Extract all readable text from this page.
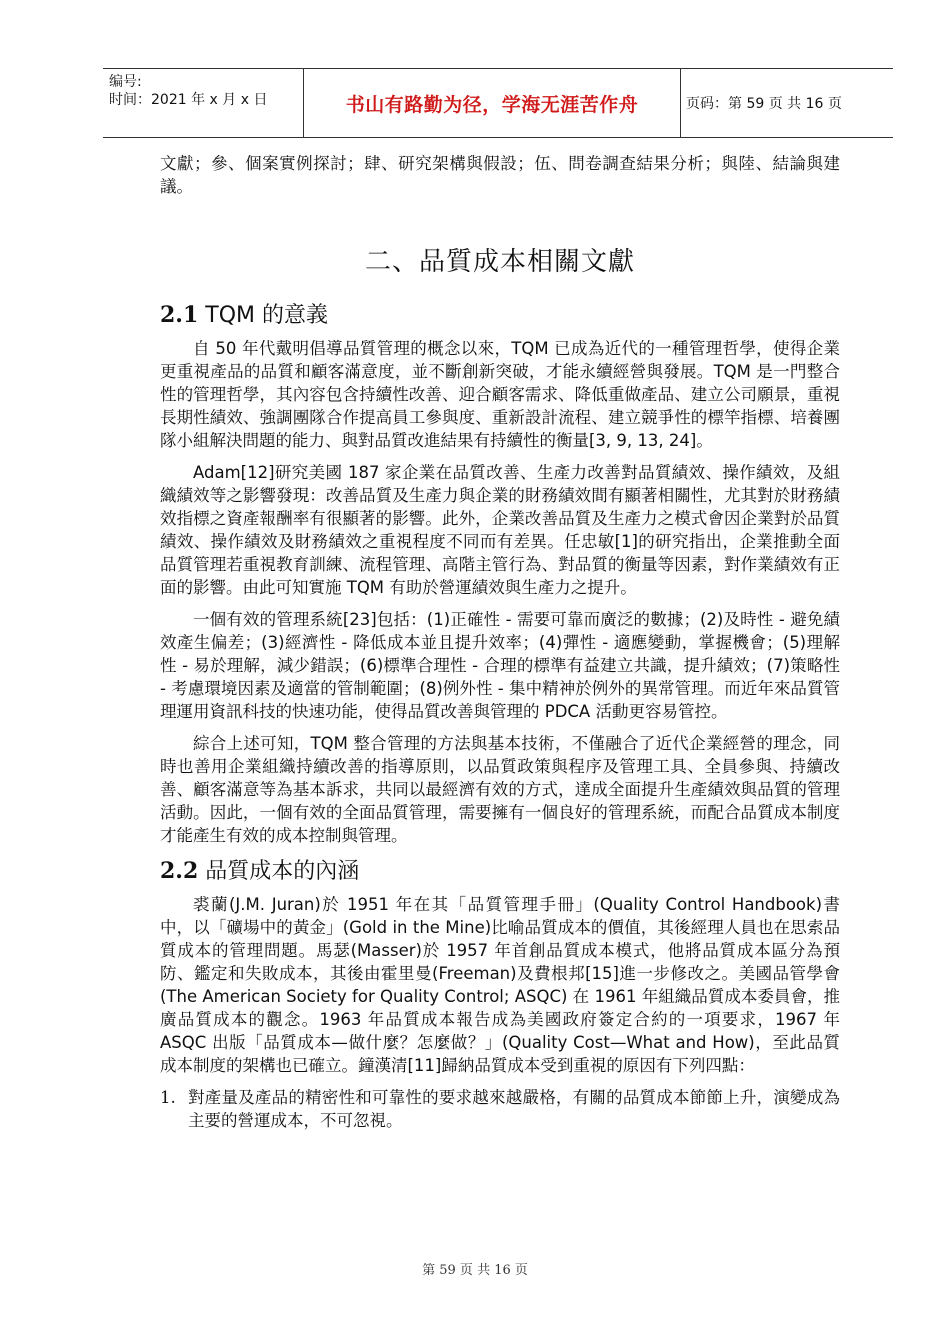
编号:
时间：2021 年 x 月 x 日	书山有路勤为径，学海无涯苦作舟	页码：第 59 页 共 16 页

文獻；參、個案實例探討；肆、研究架構與假設；伍、問卷調查結果分析；與陸、結論與建議。

二、品質成本相關文獻
2.1 TQM 的意義

自 50 年代戴明倡導品質管理的概念以來，TQM 已成為近代的一種管理哲學，使得企業更重視產品的品質和顧客滿意度，並不斷創新突破，才能永續經營與發展。TQM 是一門整合性的管理哲學，其內容包含持續性改善、迎合顧客需求、降低重做產品、建立公司願景，重視長期性績效、強調團隊合作提高員工參與度、重新設計流程、建立競爭性的標竿指標、培養團隊小組解決問題的能力、與對品質改進結果有持續性的衡量[3, 9, 13, 24]。

Adam[12]研究美國 187 家企業在品質改善、生產力改善對品質績效、操作績效，及組織績效等之影響發現：改善品質及生產力與企業的財務績效間有顯著相關性，尤其對於財務績效指標之資產報酬率有很顯著的影響。此外，企業改善品質及生產力之模式會因企業對於品質績效、操作績效及財務績效之重視程度不同而有差異。任忠敏[1]的研究指出，企業推動全面品質管理若重視教育訓練、流程管理、高階主管行為、對品質的衡量等因素，對作業績效有正面的影響。由此可知實施 TQM 有助於營運績效與生產力之提升。

一個有效的管理系統[23]包括：(1)正確性 - 需要可靠而廣泛的數據；(2)及時性 - 避免績效產生偏差；(3)經濟性 - 降低成本並且提升效率；(4)彈性 - 適應變動，掌握機會；(5)理解性 - 易於理解，減少錯誤；(6)標準合理性 - 合理的標準有益建立共識，提升績效；(7)策略性 - 考慮環境因素及適當的管制範圍；(8)例外性 - 集中精神於例外的異常管理。而近年來品質管理運用資訊科技的快速功能，使得品質改善與管理的 PDCA 活動更容易管控。

綜合上述可知，TQM 整合管理的方法與基本技術，不僅融合了近代企業經營的理念，同時也善用企業組織持續改善的指導原則，以品質政策與程序及管理工具、全員參與、持續改善、顧客滿意等為基本訴求，共同以最經濟有效的方式，達成全面提升生產績效與品質的管理活動。因此，一個有效的全面品質管理，需要擁有一個良好的管理系統，而配合品質成本制度才能產生有效的成本控制與管理。

2.2 品質成本的內涵

裘蘭(J.M. Juran)於 1951 年在其「品質管理手冊」(Quality Control Handbook)書中，以「礦場中的黃金」(Gold in the Mine)比喻品質成本的價值，其後經理人員也在思索品質成本的管理問題。馬瑟(Masser)於 1957 年首創品質成本模式，他將品質成本區分為預防、鑑定和失敗成本，其後由霍里曼(Freeman)及費根邦[15]進一步修改之。美國品管學會(The American Society for Quality Control; ASQC) 在 1961 年組織品質成本委員會，推廣品質成本的觀念。1963 年品質成本報告成為美國政府簽定合約的一項要求，1967 年 ASQC 出版「品質成本—做什麼？怎麼做？」(Quality Cost—What and How)，至此品質成本制度的架構也已確立。鐘漢清[11]歸納品質成本受到重視的原因有下列四點：

1. 對產量及產品的精密性和可靠性的要求越來越嚴格，有關的品質成本節節上升，演變成為主要的營運成本，不可忽視。
第 59 页 共 16 页
